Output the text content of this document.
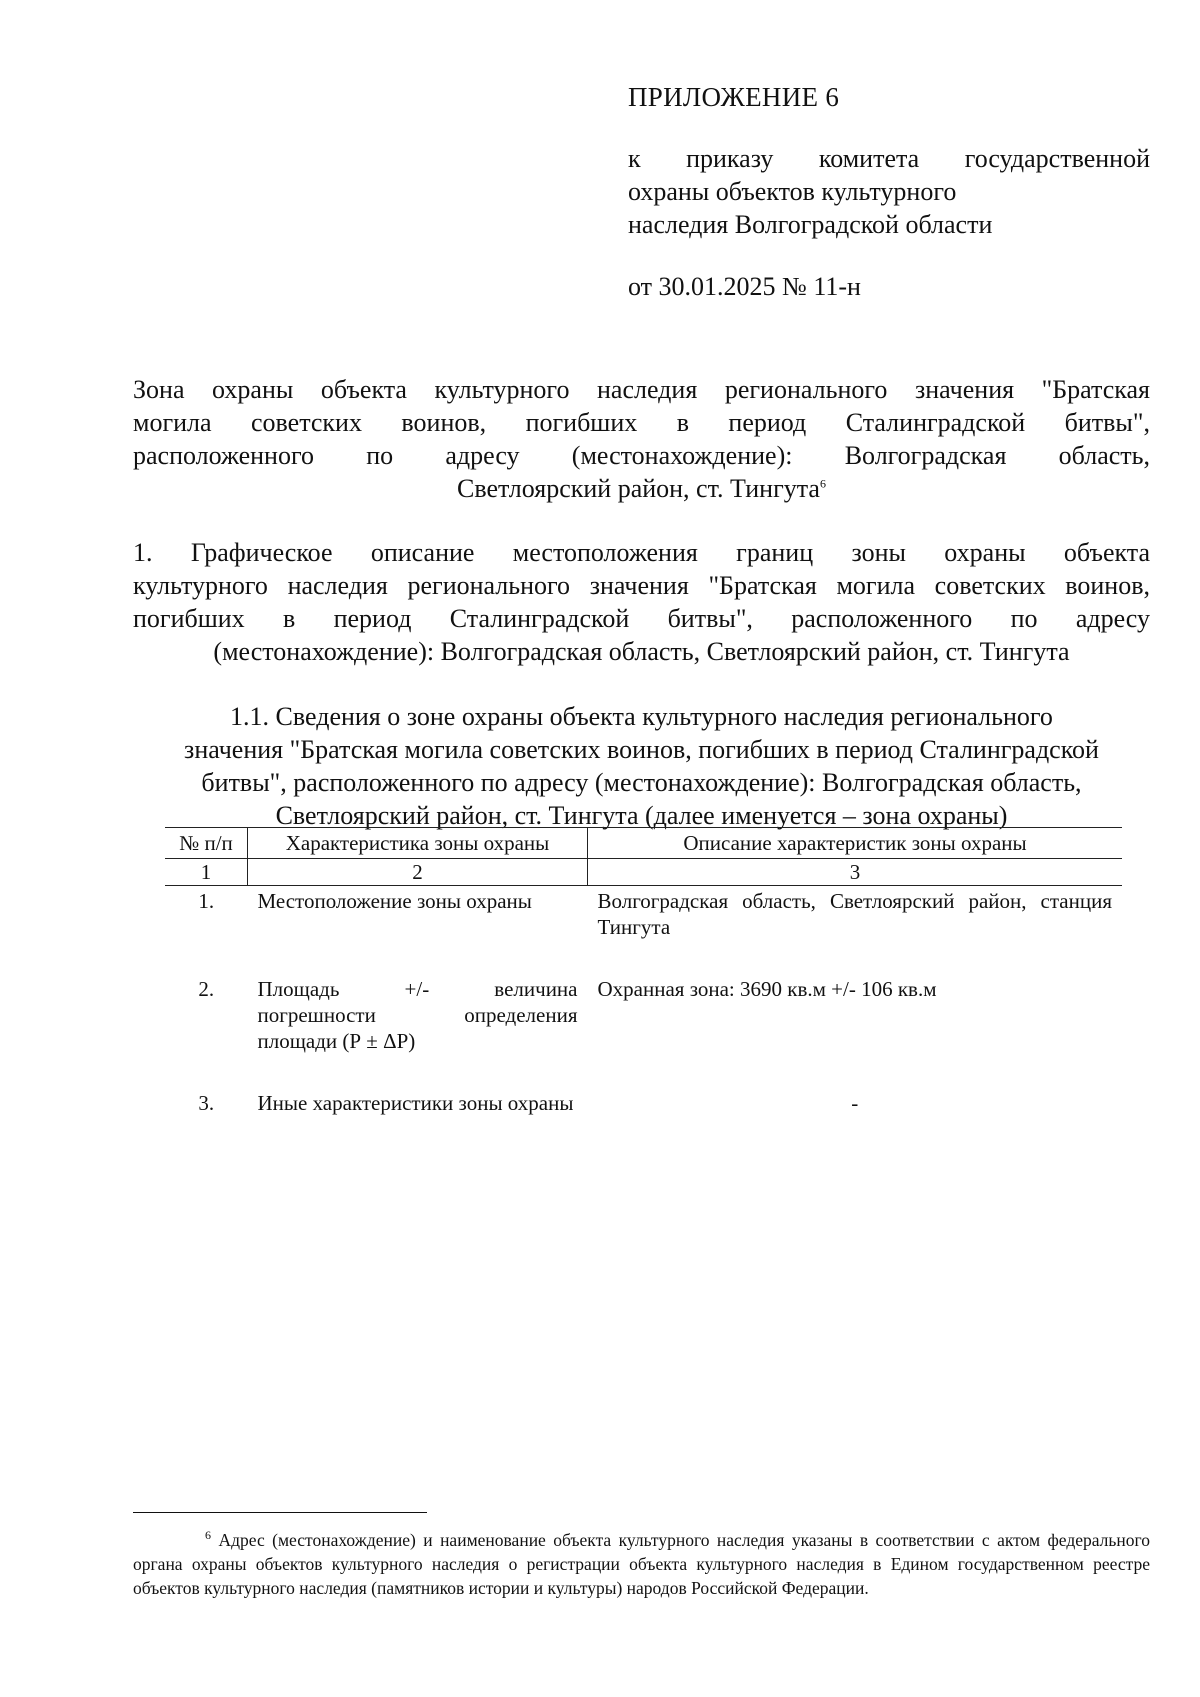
ПРИЛОЖЕНИЕ 6
к приказу комитета государственной
охраны объектов культурного
наследия Волгоградской области
от 30.01.2025 № 11-н
Зона охраны объекта культурного наследия регионального значения "Братская
могила советских воинов, погибших в период Сталинградской битвы",
расположенного по адресу (местонахождение): Волгоградская область,
Светлоярский район, ст. Тингута$^6$
1. Графическое описание местоположения границ зоны охраны объекта
культурного наследия регионального значения "Братская могила советских воинов,
погибших в период Сталинградской битвы", расположенного по адресу
(местонахождение): Волгоградская область, Светлоярский район, ст. Тингута
1.1. Сведения о зоне охраны объекта культурного наследия регионального
значения "Братская могила советских воинов, погибших в период Сталинградской
битвы", расположенного по адресу (местонахождение): Волгоградская область,
Светлоярский район, ст. Тингута (далее именуется – зона охраны)
№ п/п	Характеристика зоны охраны	Описание характеристик зоны охраны
1	2	3
1.	Местоположение зоны охраны	Волгоградская область, Светлоярский район, станция Тингута
2.	Площадь +/- величина погрешности определения площади (Р ± ΔР)	Охранная зона: 3690 кв.м +/- 106 кв.м
3.	Иные характеристики зоны охраны	-
$^6$ Адрес (местонахождение) и наименование объекта культурного наследия указаны в соответствии с актом федерального органа охраны объектов культурного наследия о регистрации объекта культурного наследия в Едином государственном реестре объектов культурного наследия (памятников истории и культуры) народов Российской Федерации.
